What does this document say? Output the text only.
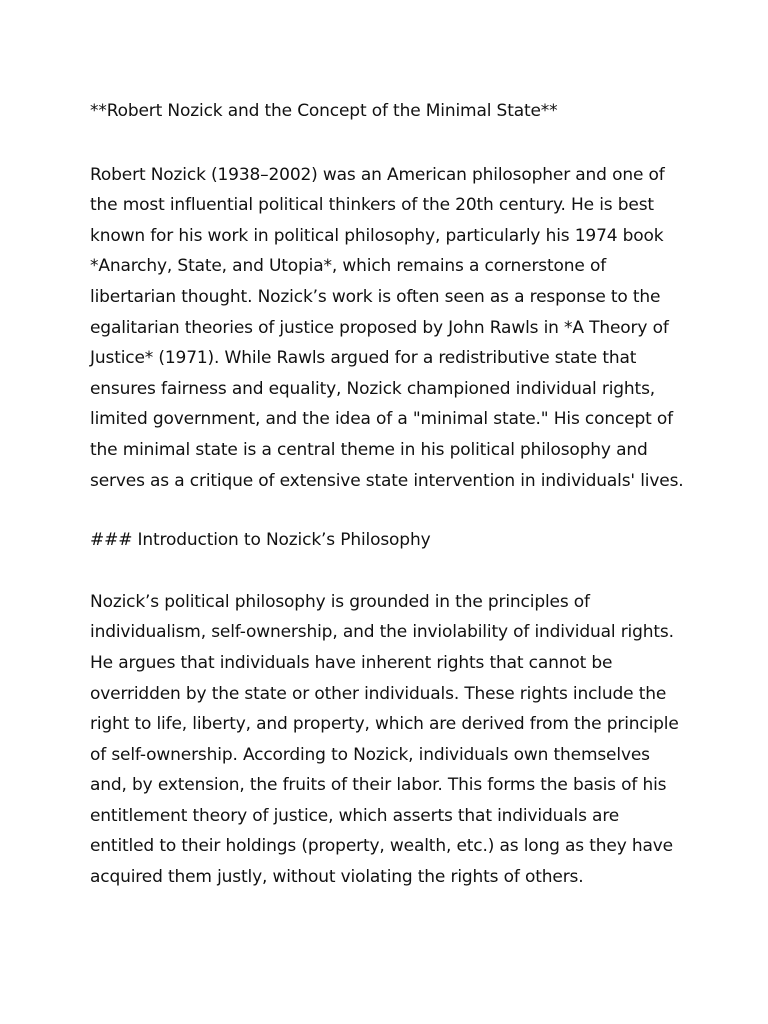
**Robert Nozick and the Concept of the Minimal State**

Robert Nozick (1938–2002) was an American philosopher and one of
the most influential political thinkers of the 20th century. He is best
known for his work in political philosophy, particularly his 1974 book
*Anarchy, State, and Utopia*, which remains a cornerstone of
libertarian thought. Nozick’s work is often seen as a response to the
egalitarian theories of justice proposed by John Rawls in *A Theory of
Justice* (1971). While Rawls argued for a redistributive state that
ensures fairness and equality, Nozick championed individual rights,
limited government, and the idea of a "minimal state." His concept of
the minimal state is a central theme in his political philosophy and
serves as a critique of extensive state intervention in individuals' lives.

### Introduction to Nozick’s Philosophy

Nozick’s political philosophy is grounded in the principles of
individualism, self-ownership, and the inviolability of individual rights.
He argues that individuals have inherent rights that cannot be
overridden by the state or other individuals. These rights include the
right to life, liberty, and property, which are derived from the principle
of self-ownership. According to Nozick, individuals own themselves
and, by extension, the fruits of their labor. This forms the basis of his
entitlement theory of justice, which asserts that individuals are
entitled to their holdings (property, wealth, etc.) as long as they have
acquired them justly, without violating the rights of others.
